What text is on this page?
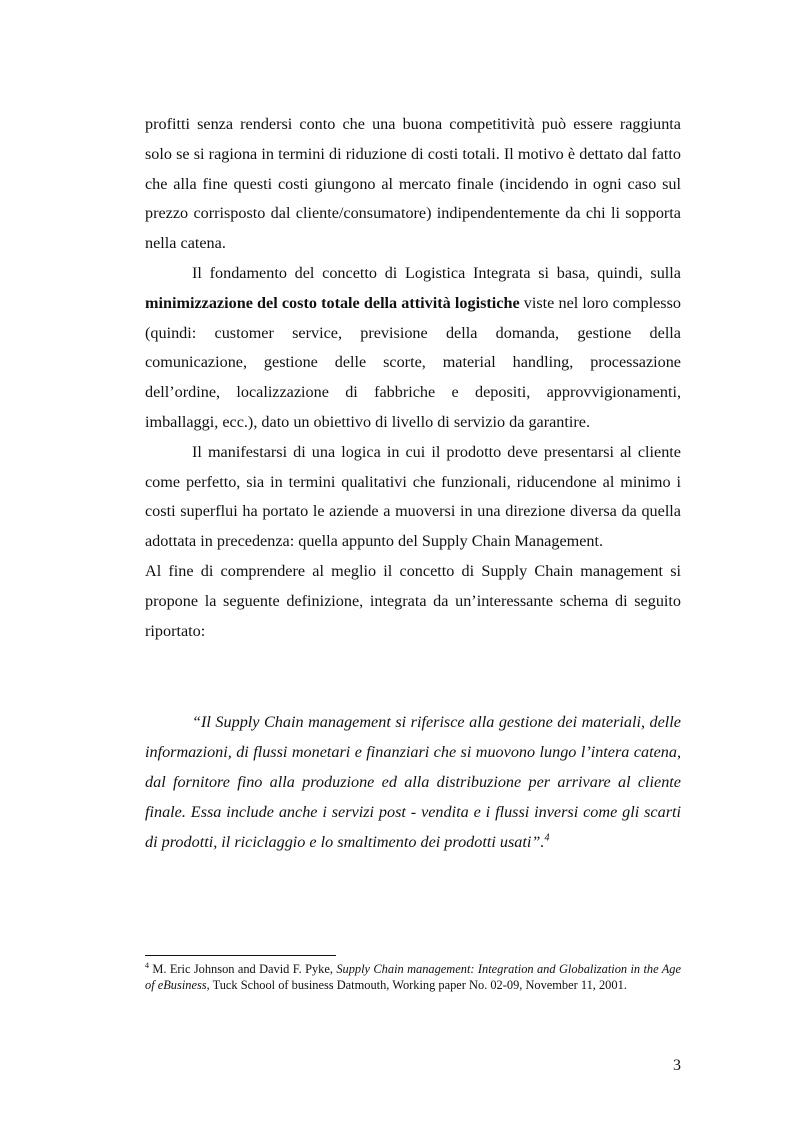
profitti senza rendersi conto che una buona competitività può essere raggiunta solo se si ragiona in termini di riduzione di costi totali. Il motivo è dettato dal fatto che alla fine questi costi giungono al mercato finale (incidendo in ogni caso sul prezzo corrisposto dal cliente/consumatore) indipendentemente da chi li sopporta nella catena.

Il fondamento del concetto di Logistica Integrata si basa, quindi, sulla minimizzazione del costo totale della attività logistiche viste nel loro complesso (quindi: customer service, previsione della domanda, gestione della comunicazione, gestione delle scorte, material handling, processazione dell’ordine, localizzazione di fabbriche e depositi, approvvigionamenti, imballaggi, ecc.), dato un obiettivo di livello di servizio da garantire.

Il manifestarsi di una logica in cui il prodotto deve presentarsi al cliente come perfetto, sia in termini qualitativi che funzionali, riducendone al minimo i costi superflui ha portato le aziende a muoversi in una direzione diversa da quella adottata in precedenza: quella appunto del Supply Chain Management.

Al fine di comprendere al meglio il concetto di Supply Chain management si propone la seguente definizione, integrata da un’interessante schema di seguito riportato:

“Il Supply Chain management si riferisce alla gestione dei materiali, delle informazioni, di flussi monetari e finanziari che si muovono lungo l’intera catena, dal fornitore fino alla produzione ed alla distribuzione per arrivare al cliente finale. Essa include anche i servizi post - vendita e i flussi inversi come gli scarti di prodotti, il riciclaggio e lo smaltimento dei prodotti usati”.$^4$

$^4$ M. Eric Johnson and David F. Pyke, Supply Chain management: Integration and Globalization in the Age of eBusiness, Tuck School of business Datmouth, Working paper No. 02-09, November 11, 2001.

3
